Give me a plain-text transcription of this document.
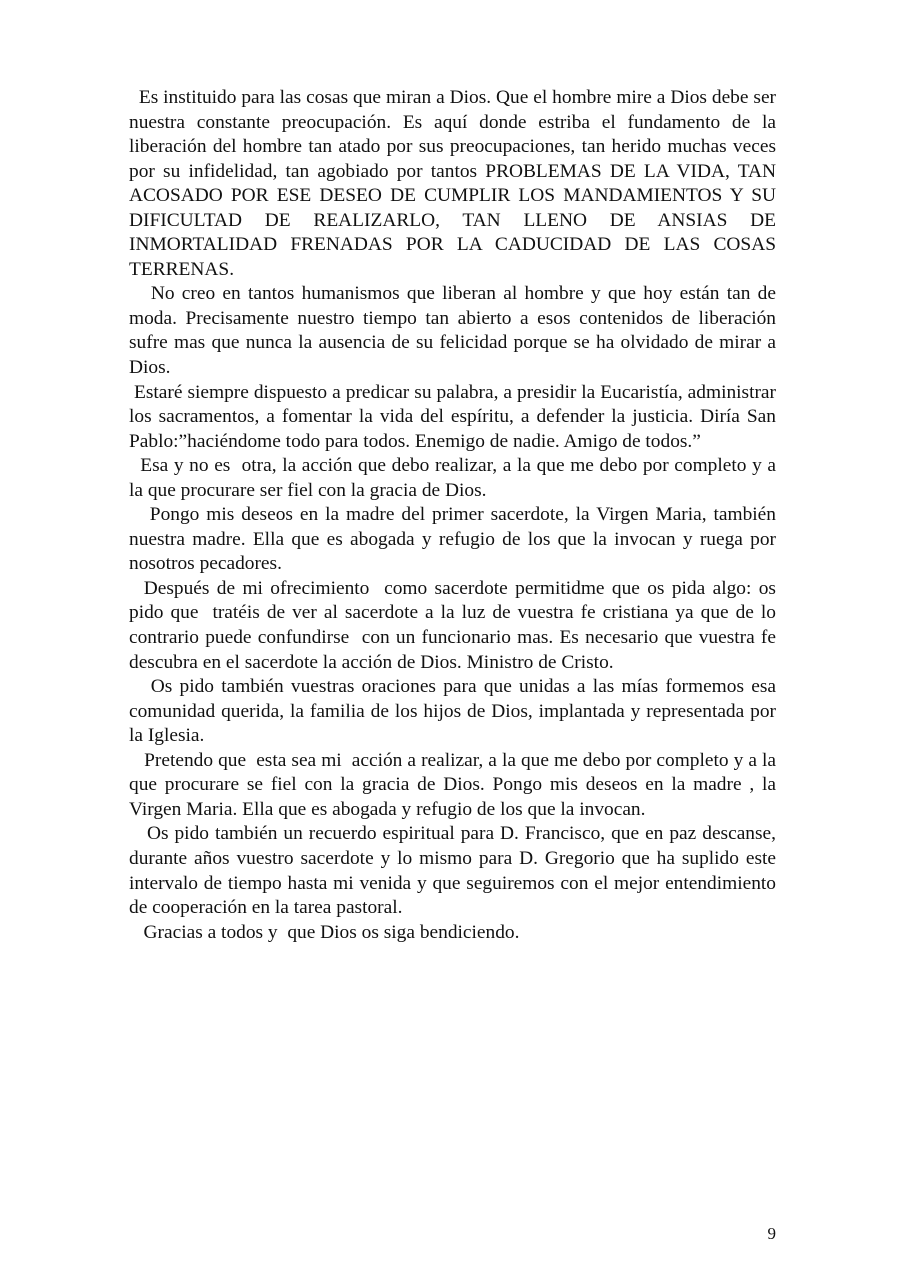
Es instituido para las cosas que miran a Dios. Que el hombre mire a Dios debe ser nuestra constante preocupación. Es aquí donde estriba el fundamento de la liberación del hombre tan atado por sus preocupaciones, tan herido muchas veces por su infidelidad, tan agobiado por tantos PROBLEMAS DE LA VIDA, TAN ACOSADO POR ESE DESEO DE CUMPLIR LOS MANDAMIENTOS Y SU DIFICULTAD DE REALIZARLO, TAN LLENO DE ANSIAS DE INMORTALIDAD FRENADAS POR LA CADUCIDAD DE LAS COSAS TERRENAS.

No creo en tantos humanismos que liberan al hombre y que hoy están tan de moda. Precisamente nuestro tiempo tan abierto a esos contenidos de liberación sufre mas que nunca la ausencia de su felicidad porque se ha olvidado de mirar a Dios.

Estaré siempre dispuesto a predicar su palabra, a presidir la Eucaristía, administrar los sacramentos, a fomentar la vida del espíritu, a defender la justicia. Diría San Pablo:”haciéndome todo para todos. Enemigo de nadie. Amigo de todos.”

Esa y no es  otra, la acción que debo realizar, a la que me debo por completo y a la que procurare ser fiel con la gracia de Dios.

Pongo mis deseos en la madre del primer sacerdote, la Virgen Maria, también nuestra madre. Ella que es abogada y refugio de los que la invocan y ruega por nosotros pecadores.

Después de mi ofrecimiento  como sacerdote permitidme que os pida algo: os pido que  tratéis de ver al sacerdote a la luz de vuestra fe cristiana ya que de lo contrario puede confundirse  con un funcionario mas. Es necesario que vuestra fe descubra en el sacerdote la acción de Dios. Ministro de Cristo.

Os pido también vuestras oraciones para que unidas a las mías formemos esa comunidad querida, la familia de los hijos de Dios, implantada y representada por la Iglesia.

Pretendo que  esta sea mi  acción a realizar, a la que me debo por completo y a la que procurare se fiel con la gracia de Dios. Pongo mis deseos en la madre , la Virgen Maria. Ella que es abogada y refugio de los que la invocan.

Os pido también un recuerdo espiritual para D. Francisco, que en paz descanse, durante años vuestro sacerdote y lo mismo para D. Gregorio que ha suplido este intervalo de tiempo hasta mi venida y que seguiremos con el mejor entendimiento de cooperación en la tarea pastoral.

Gracias a todos y  que Dios os siga bendiciendo.

9
